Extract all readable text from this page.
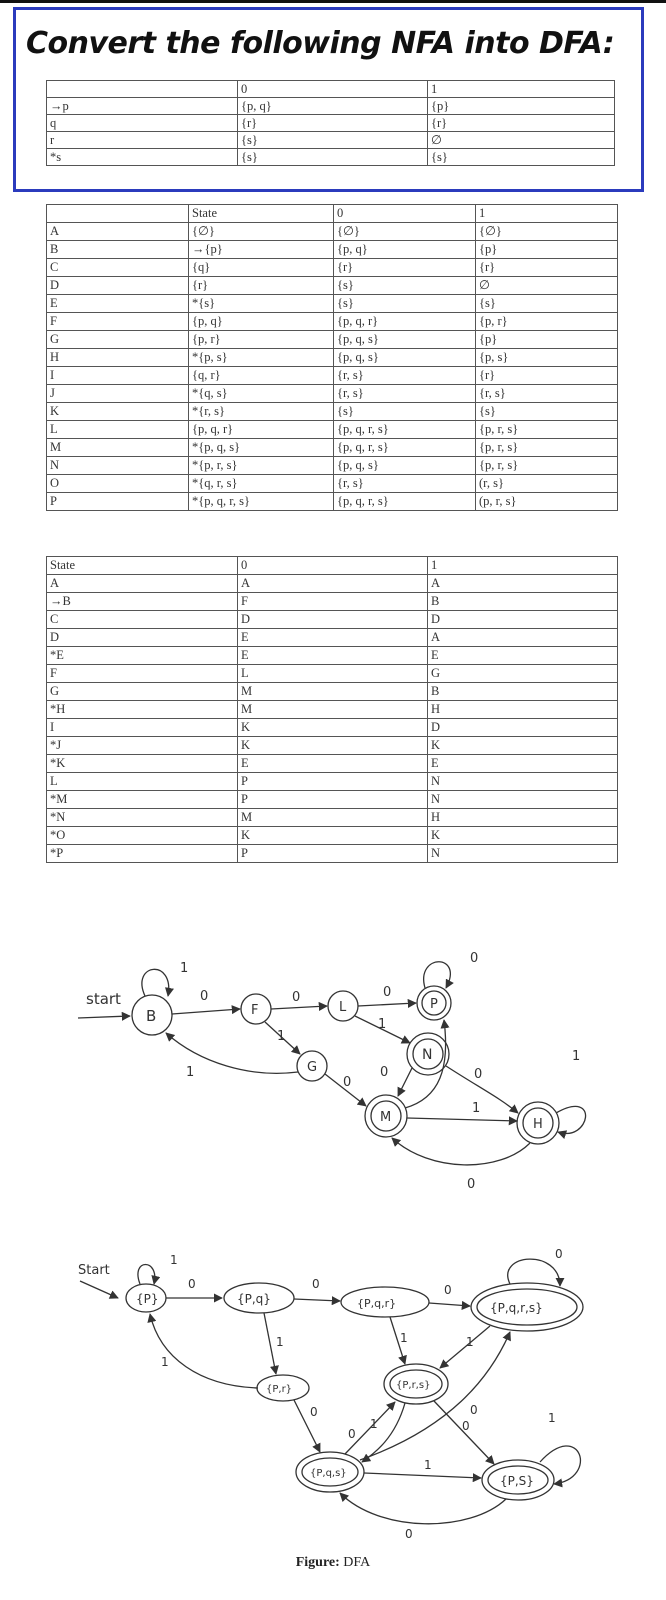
Convert the following NFA into DFA:
	0	1
→p	{p, q}	{p}
q	{r}	{r}
r	{s}	∅
*s	{s}	{s}
	State	0	1
A	{∅}	{∅}	{∅}
B	→{p}	{p, q}	{p}
C	{q}	{r}	{r}
D	{r}	{s}	∅
E	*{s}	{s}	{s}
F	{p, q}	{p, q, r}	{p, r}
G	{p, r}	{p, q, s}	{p}
H	*{p, s}	{p, q, s}	{p, s}
I	{q, r}	{r, s}	{r}
J	*{q, s}	{r, s}	{r, s}
K	*{r, s}	{s}	{s}
L	{p, q, r}	{p, q, r, s}	{p, r, s}
M	*{p, q, s}	{p, q, r, s}	{p, r, s}
N	*{p, r, s}	{p, q, s}	{p, r, s}
O	*{q, r, s}	{r, s}	(r, s}
P	*{p, q, r, s}	{p, q, r, s}	(p, r, s}
State	0	1
A	A	A
→B	F	B
C	D	D
D	E	A
*E	E	E
F	L	G
G	M	B
*H	M	H
I	K	D
*J	K	K
*K	E	E
L	P	N
*M	P	N
*N	M	H
*O	K	K
*P	P	N
start
B	F	L	P
N
G
M	H
1
0	0	0
1
1
1
0
0
1
0
0
1
0
Start
{P}	{P,q}	{P,q,r}	{P,q,r,s}
{P,r}	{P,r,s}
{P,q,s}
{P,S}
1
0	0	0
0
1
1
1	1
0
1
0
0
1
1
0
0
Figure: DFA
